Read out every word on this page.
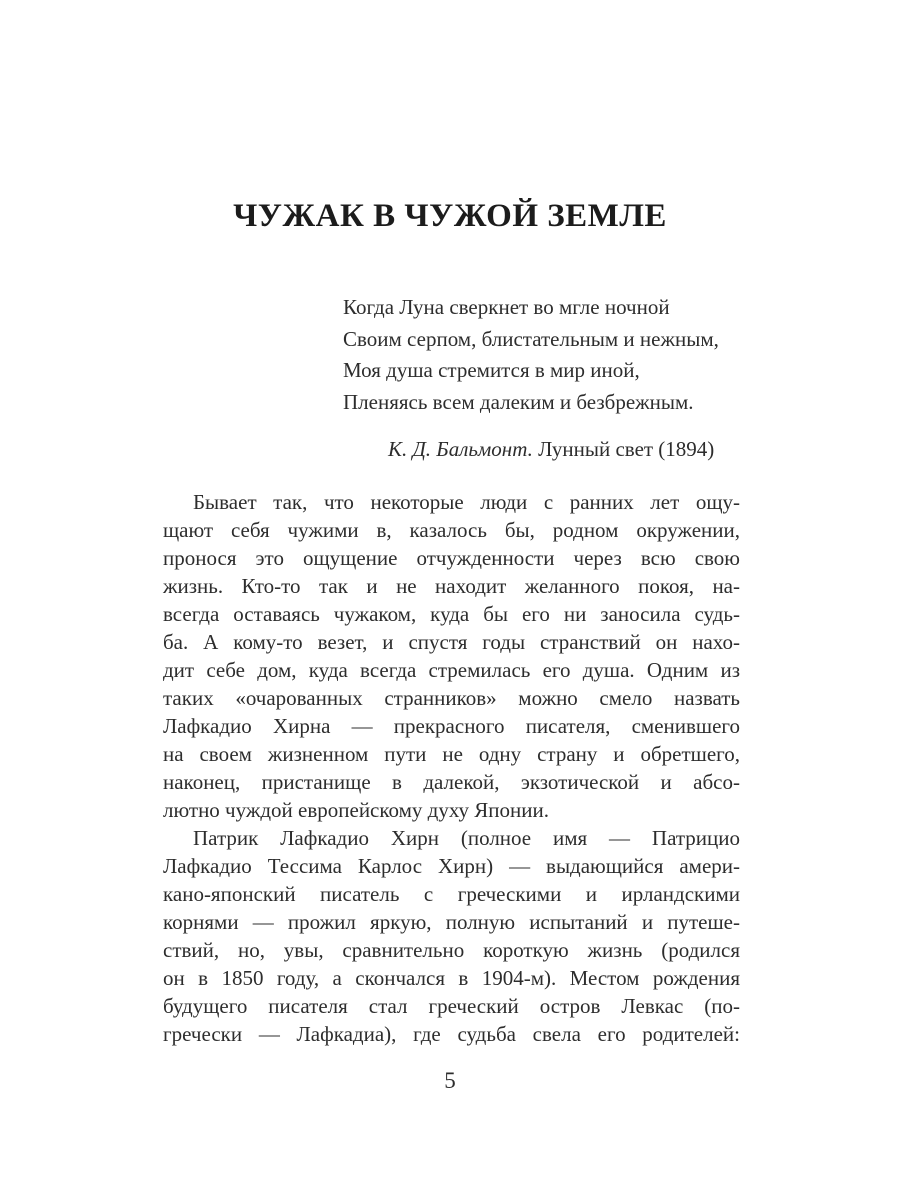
ЧУЖАК В ЧУЖОЙ ЗЕМЛЕ
Когда Луна сверкнет во мгле ночной
Своим серпом, блистательным и нежным,
Моя душа стремится в мир иной,
Пленяясь всем далеким и безбрежным.
К. Д. Бальмонт. Лунный свет (1894)
Бывает так, что некоторые люди с ранних лет ощу-
щают себя чужими в, казалось бы, родном окружении,
пронося это ощущение отчужденности через всю свою
жизнь. Кто-то так и не находит желанного покоя, на-
всегда оставаясь чужаком, куда бы его ни заносила судь-
ба. А кому-то везет, и спустя годы странствий он нахо-
дит себе дом, куда всегда стремилась его душа. Одним из
таких «очарованных странников» можно смело назвать
Лафкадио Хирна — прекрасного писателя, сменившего
на своем жизненном пути не одну страну и обретшего,
наконец, пристанище в далекой, экзотической и абсо-
лютно чуждой европейскому духу Японии.
Патрик Лафкадио Хирн (полное имя — Патрицио
Лафкадио Тессима Карлос Хирн) — выдающийся амери-
кано-японский писатель с греческими и ирландскими
корнями — прожил яркую, полную испытаний и путеше-
ствий, но, увы, сравнительно короткую жизнь (родился
он в 1850 году, а скончался в 1904-м). Местом рождения
будущего писателя стал греческий остров Левкас (по-
гречески — Лафкадиа), где судьба свела его родителей:
5
